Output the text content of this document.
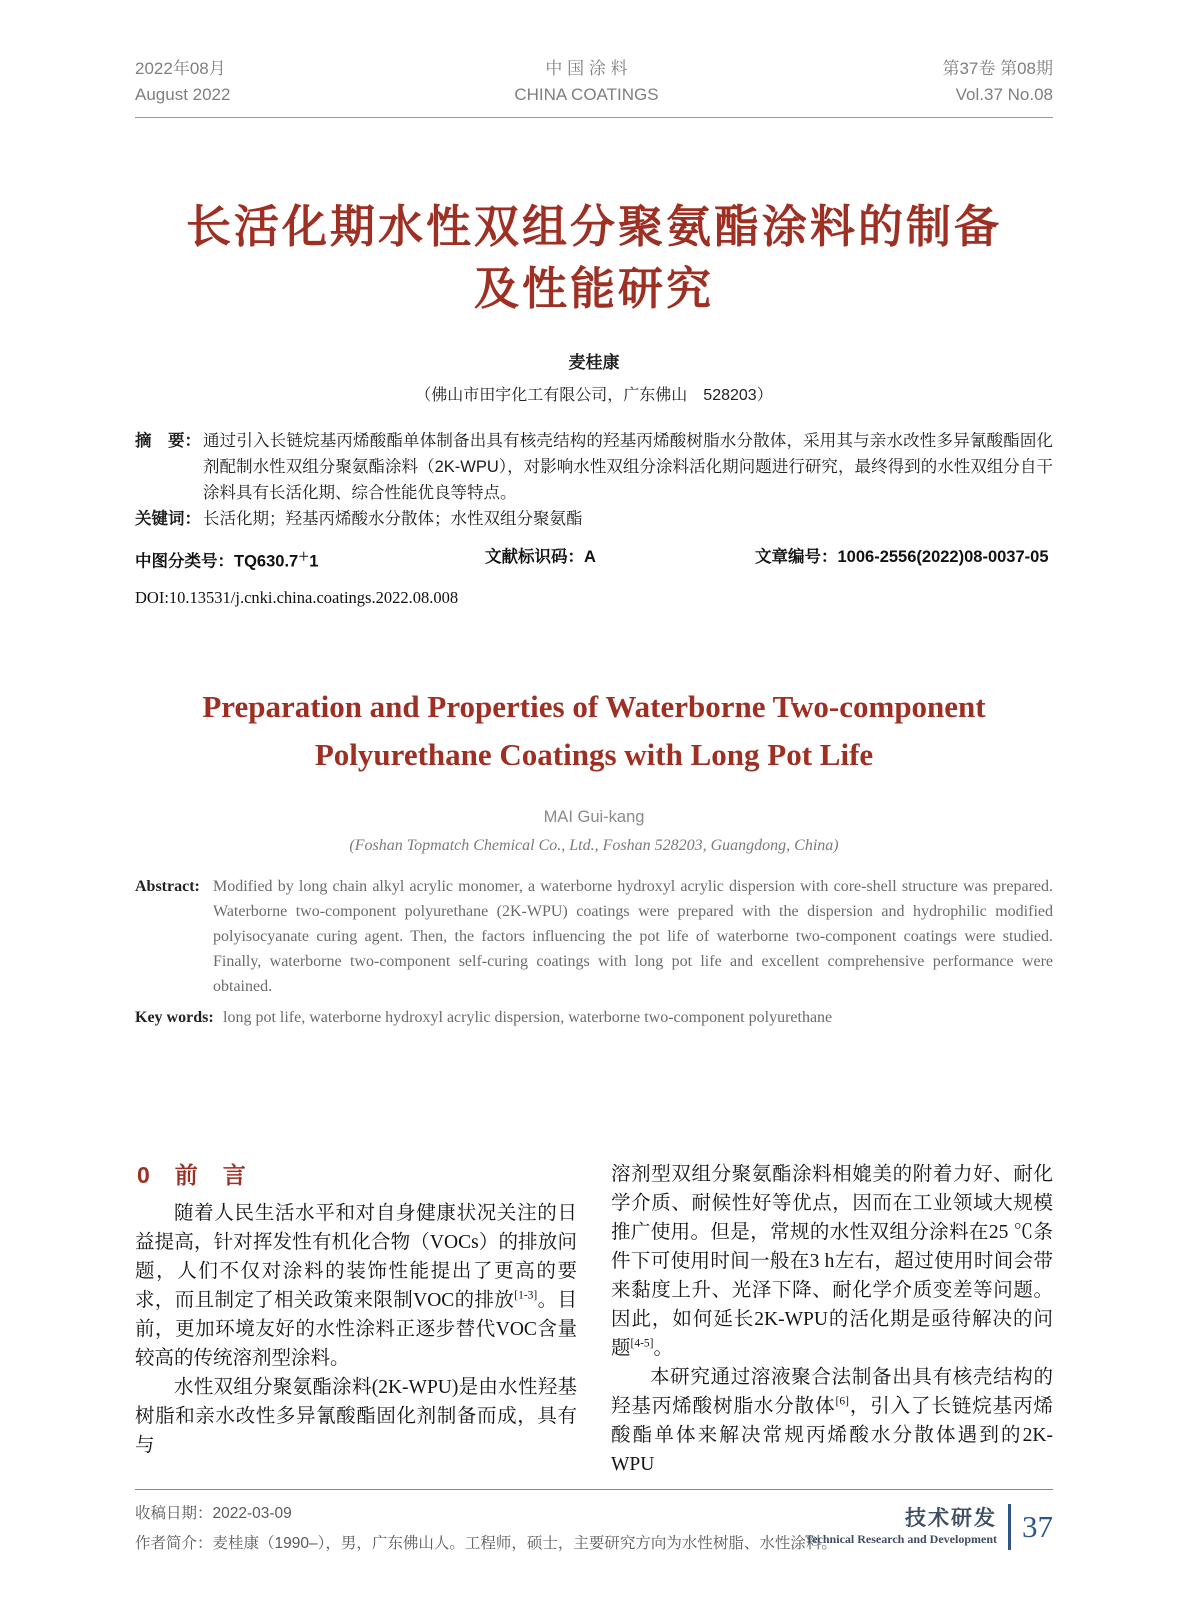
2022年08月
August 2022
中 国 涂 料
CHINA COATINGS
第37卷 第08期
Vol.37 No.08
长活化期水性双组分聚氨酯涂料的制备
及性能研究
麦桂康
（佛山市田宇化工有限公司，广东佛山　528203）
摘　要： 通过引入长链烷基丙烯酸酯单体制备出具有核壳结构的羟基丙烯酸树脂水分散体，采用其与亲水改性多异氰酸酯固化剂配制水性双组分聚氨酯涂料（2K-WPU），对影响水性双组分涂料活化期问题进行研究，最终得到的水性双组分自干涂料具有长活化期、综合性能优良等特点。
关键词： 长活化期；羟基丙烯酸水分散体；水性双组分聚氨酯
中图分类号：TQ630.7＋1	文献标识码：A	文章编号：1006-2556(2022)08-0037-05
DOI:10.13531/j.cnki.china.coatings.2022.08.008
Preparation and Properties of Waterborne Two-component
Polyurethane Coatings with Long Pot Life
MAI Gui-kang
(Foshan Topmatch Chemical Co., Ltd., Foshan 528203, Guangdong, China)
Abstract: Modified by long chain alkyl acrylic monomer, a waterborne hydroxyl acrylic dispersion with core-shell structure was prepared. Waterborne two-component polyurethane (2K-WPU) coatings were prepared with the dispersion and hydrophilic modified polyisocyanate curing agent. Then, the factors influencing the pot life of waterborne two-component coatings were studied. Finally, waterborne two-component self-curing coatings with long pot life and excellent comprehensive performance were obtained.
Key words: long pot life, waterborne hydroxyl acrylic dispersion, waterborne two-component polyurethane
0　前　言

随着人民生活水平和对自身健康状况关注的日益提高，针对挥发性有机化合物（VOCs）的排放问题，人们不仅对涂料的装饰性能提出了更高的要求，而且制定了相关政策来限制VOC的排放[1-3]。目前，更加环境友好的水性涂料正逐步替代VOC含量较高的传统溶剂型涂料。

水性双组分聚氨酯涂料(2K-WPU)是由水性羟基树脂和亲水改性多异氰酸酯固化剂制备而成，具有与

溶剂型双组分聚氨酯涂料相媲美的附着力好、耐化学介质、耐候性好等优点，因而在工业领域大规模推广使用。但是，常规的水性双组分涂料在25 ℃条件下可使用时间一般在3 h左右，超过使用时间会带来黏度上升、光泽下降、耐化学介质变差等问题。因此，如何延长2K-WPU的活化期是亟待解决的问题[4-5]。

本研究通过溶液聚合法制备出具有核壳结构的羟基丙烯酸树脂水分散体[6]，引入了长链烷基丙烯酸酯单体来解决常规丙烯酸水分散体遇到的2K-WPU

收稿日期：2022-03-09
作者简介：麦桂康（1990–），男，广东佛山人。工程师，硕士，主要研究方向为水性树脂、水性涂料。
技术研发
Technical Research and Development 37
